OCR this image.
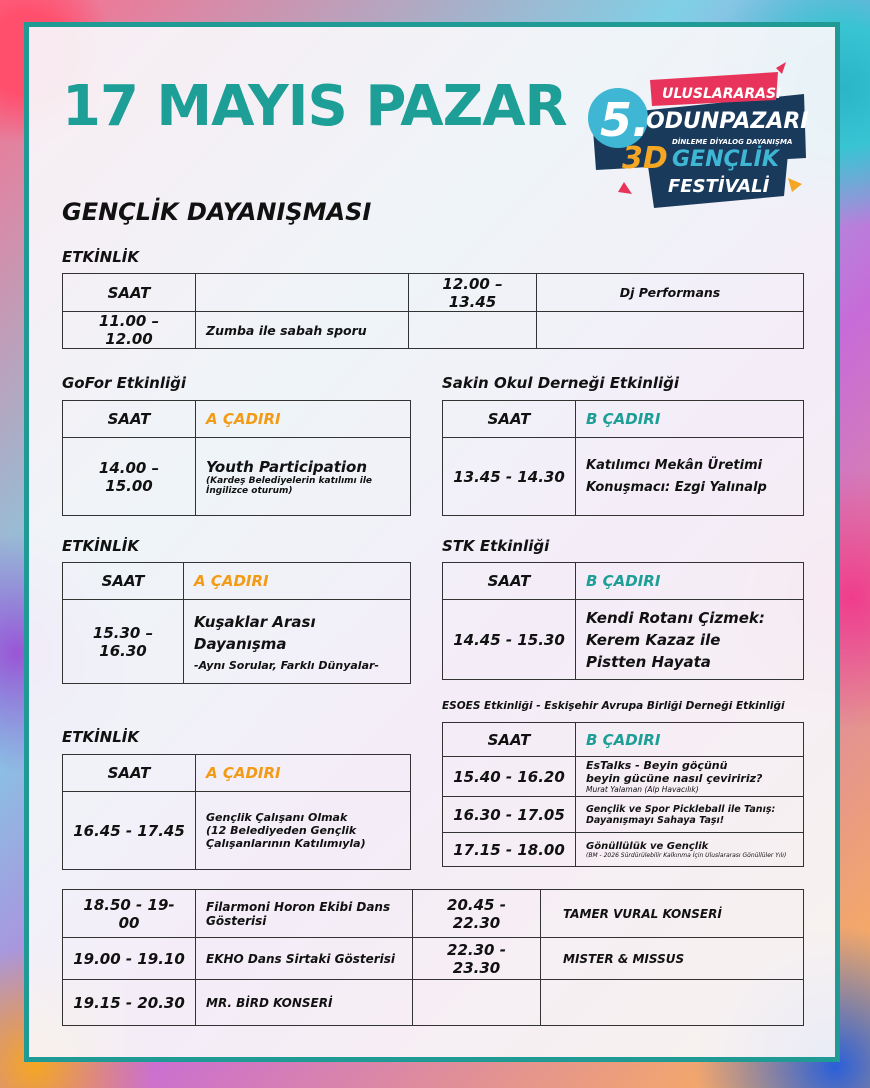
17 MAYIS PAZAR 5. ULUSLARARASI
ODUNPAZARI
DİNLEME DİYALOG DAYANIŞMA
3D GENÇLİK
FESTİVALİ
GENÇLİK DAYANIŞMASI

ETKİNLİK

SAAT		12.00 – 13.45	Dj Performans
11.00 – 12.00	Zumba ile sabah sporu		

GoFor Etkinliği

SAAT	A ÇADIRI
14.00 – 15.00	Youth Participation
(Kardeş Belediyelerin katılımı ile İngilizce oturum)

Sakin Okul Derneği Etkinliği

SAAT	B ÇADIRI
13.45 - 14.30	Katılımcı Mekân Üretimi
Konuşmacı: Ezgi Yalınalp

ETKİNLİK

SAAT	A ÇADIRI
15.30 – 16.30	Kuşaklar Arası
Dayanışma
-Aynı Sorular, Farklı Dünyalar-

STK Etkinliği

SAAT	B ÇADIRI
14.45 - 15.30	Kendi Rotanı Çizmek:
Kerem Kazaz ile
Pistten Hayata

ESOES Etkinliği - Eskişehir Avrupa Birliği Derneği Etkinliği

SAAT	B ÇADIRI
15.40 - 16.20	EsTalks - Beyin göçünü
beyin gücüne nasıl çeviririz?
Murat Yalaman (Alp Havacılık)

16.30 - 17.05	Gençlik ve Spor Pickleball ile Tanış:
Dayanışmayı Sahaya Taşı!

17.15 - 18.00	Gönüllülük ve Gençlik
(BM - 2026 Sürdürülebilir Kalkınma İçin Uluslararası Gönüllüler Yılı)

ETKİNLİK

SAAT	A ÇADIRI
16.45 - 17.45	Gençlik Çalışanı Olmak
(12 Belediyeden Gençlik
Çalışanlarının Katılımıyla)
18.50 - 19-00	Filarmoni Horon Ekibi Dans Gösterisi	20.45 - 22.30	TAMER VURAL KONSERİ
19.00 - 19.10	EKHO Dans Sirtaki Gösterisi	22.30 - 23.30	MISTER & MISSUS
19.15 - 20.30	MR. BİRD KONSERİ		
